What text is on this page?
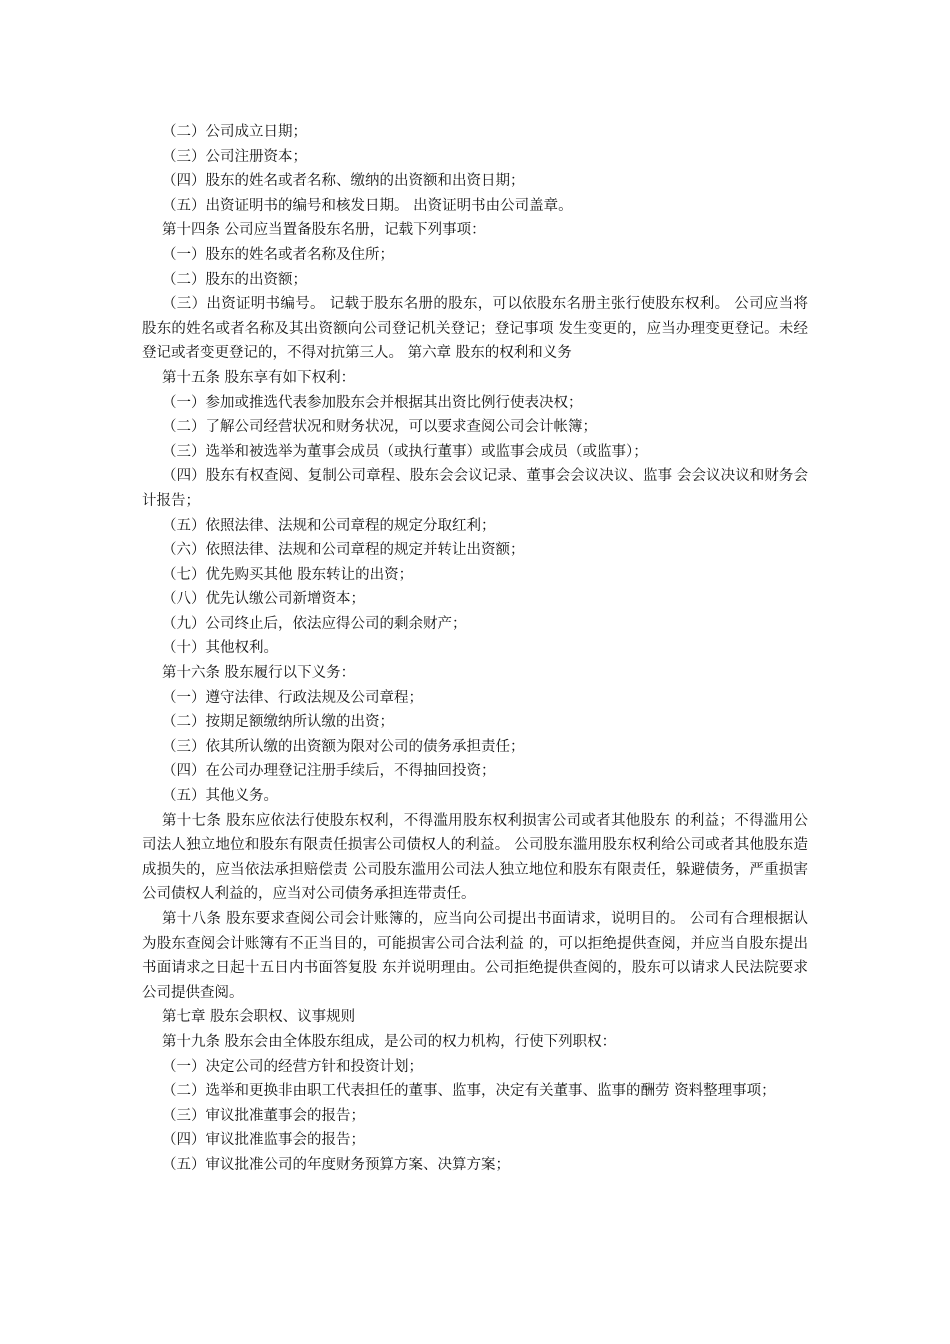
（二）公司成立日期；

（三）公司注册资本；

（四）股东的姓名或者名称、缴纳的出资额和出资日期；

（五）出资证明书的编号和核发日期。 出资证明书由公司盖章。

第十四条 公司应当置备股东名册，记载下列事项：

（一）股东的姓名或者名称及住所；

（二）股东的出资额；

（三）出资证明书编号。 记载于股东名册的股东，可以依股东名册主张行使股东权利。 公司应当将股东的姓名或者名称及其出资额向公司登记机关登记；登记事项 发生变更的，应当办理变更登记。未经登记或者变更登记的，不得对抗第三人。 第六章 股东的权利和义务

第十五条 股东享有如下权利：

（一）参加或推选代表参加股东会并根据其出资比例行使表决权；

（二）了解公司经营状况和财务状况，可以要求查阅公司会计帐簿；

（三）选举和被选举为董事会成员（或执行董事）或监事会成员（或监事）；

（四）股东有权查阅、复制公司章程、股东会会议记录、董事会会议决议、监事 会会议决议和财务会计报告；

（五）依照法律、法规和公司章程的规定分取红利；

（六）依照法律、法规和公司章程的规定并转让出资额；

（七）优先购买其他 股东转让的出资；

（八）优先认缴公司新增资本；

（九）公司终止后，依法应得公司的剩余财产；

（十）其他权利。

第十六条 股东履行以下义务：

（一）遵守法律、行政法规及公司章程；

（二）按期足额缴纳所认缴的出资；

（三）依其所认缴的出资额为限对公司的债务承担责任；

（四）在公司办理登记注册手续后，不得抽回投资；

（五）其他义务。

第十七条 股东应依法行使股东权利，不得滥用股东权利损害公司或者其他股东 的利益；不得滥用公司法人独立地位和股东有限责任损害公司债权人的利益。 公司股东滥用股东权利给公司或者其他股东造成损失的，应当依法承担赔偿责 公司股东滥用公司法人独立地位和股东有限责任，躲避债务，严重损害公司债权人利益的，应当对公司债务承担连带责任。

第十八条 股东要求查阅公司会计账簿的，应当向公司提出书面请求，说明目的。 公司有合理根据认为股东查阅会计账簿有不正当目的，可能损害公司合法利益 的，可以拒绝提供查阅，并应当自股东提出书面请求之日起十五日内书面答复股 东并说明理由。公司拒绝提供查阅的，股东可以请求人民法院要求公司提供查阅。

第七章 股东会职权、议事规则

第十九条 股东会由全体股东组成，是公司的权力机构，行使下列职权：

（一）决定公司的经营方针和投资计划；

（二）选举和更换非由职工代表担任的董事、监事，决定有关董事、监事的酬劳 资料整理事项；

（三）审议批准董事会的报告；

（四）审议批准监事会的报告；

（五）审议批准公司的年度财务预算方案、决算方案；
